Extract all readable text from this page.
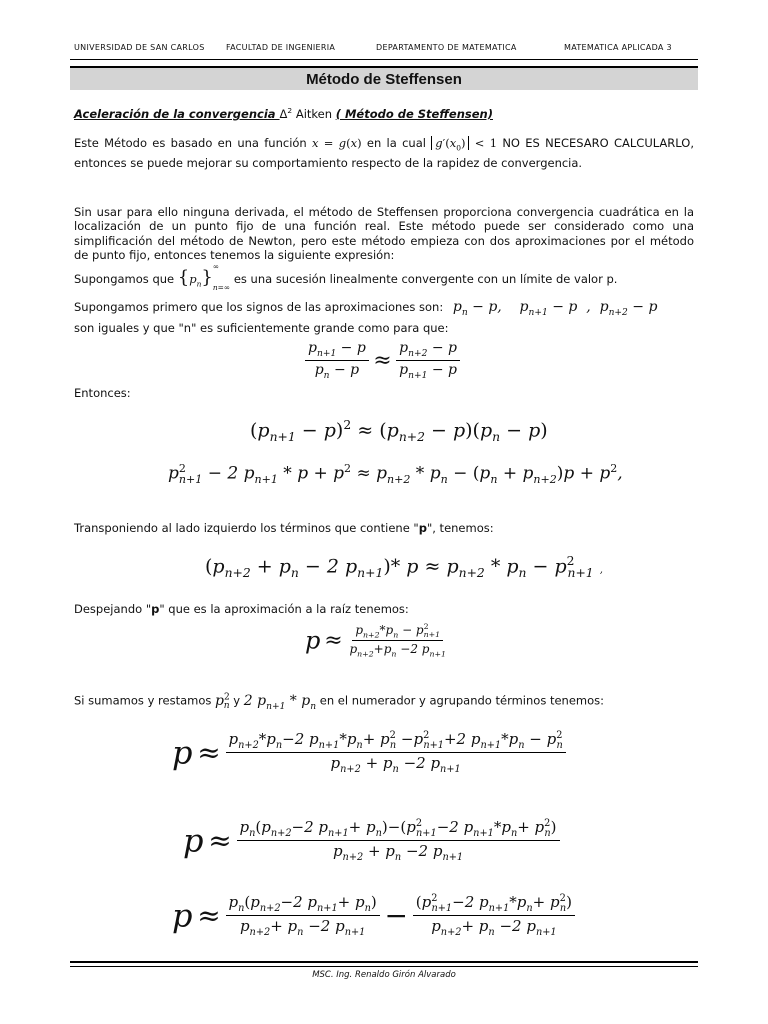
UNIVERSIDAD DE SAN CARLOS	FACULTAD DE INGENIERIA	DEPARTAMENTO DE MATEMATICA	MATEMATICA APLICADA 3
Método de Steffensen
Aceleración de la convergencia $\Delta^2$ Aitken ( Método de Steffensen)
Este Método es basado en una función x = g(x) en la cual $g'(x_0) < 1$ NO ES NECESARO CALCULARLO, entonces se puede mejorar su comportamiento respecto de la rapidez de convergencia.
Sin usar para ello ninguna derivada, el método de Steffensen proporciona convergencia cuadrática en la localización de un punto fijo de una función real. Este método puede ser considerado como una simplificación del método de Newton, pero este método empieza con dos aproximaciones por el método de punto fijo, entonces tenemos la siguiente expresión:
Supongamos que $\{p_n\}$
∞
$_{n=\infty}$ es una sucesión linealmente convergente con un límite de valor p.
Supongamos primero que los signos de las aproximaciones son: $p_n - p$,    $p_{n+1} - p$  ,  $p_{n+2} - p$
son iguales y que "n" es suficientemente grande como para que:
$\frac{p_{n+1} - p}{p_n - p} \approx \frac{p_{n+2} - p}{p_{n+1} - p}$
Entonces:
$(p_{n+1} - p)^2 \approx (p_{n+2} - p)(p_n - p)$
$p^2_{n+1} - 2$ $p_{n+1} * p + p^2 \approx p_{n+2} * p_n - (p_n + p_{n+2})p + p^2$,
Transponiendo al lado izquierdo los términos que contiene "p", tenemos:
($p_{n+2} + p_n - 2$ $p_{n+1})*$ $p \approx p_{n+2} * p_n - p^2_{n+1}$ ,
Despejando "p" que es la aproximación a la raíz tenemos:
$p \approx \frac{p_{n+2}*p_n - p^2_{n+1}}{p_{n+2}+p_n -2 p_{n+1}}$
Si sumamos y restamos $p^2_n$ y 2 $p_{n+1} * p_n$ en el numerador y agrupando términos tenemos:
$p \approx \frac{p_{n+2}*p_n-2 p_{n+1}*p_n+ p^2_n -p^2_{n+1}+2 p_{n+1}*p_n - p^2_n}{p_{n+2} + p_n -2 p_{n+1}}$
$p \approx \frac{p_n(p_{n+2}-2 p_{n+1}+ p_n)-(p^2_{n+1}-2 p_{n+1}*p_n+ p^2_n)}{p_{n+2} + p_n -2 p_{n+1}}$
$p \approx \frac{p_n(p_{n+2}-2 p_{n+1}+ p_n)}{p_{n+2}+ p_n -2 p_{n+1}} - \frac{(p^2_{n+1}-2 p_{n+1}*p_n+ p^2_n)}{p_{n+2}+ p_n -2 p_{n+1}}$
MSC. Ing. Renaldo Girón Alvarado
